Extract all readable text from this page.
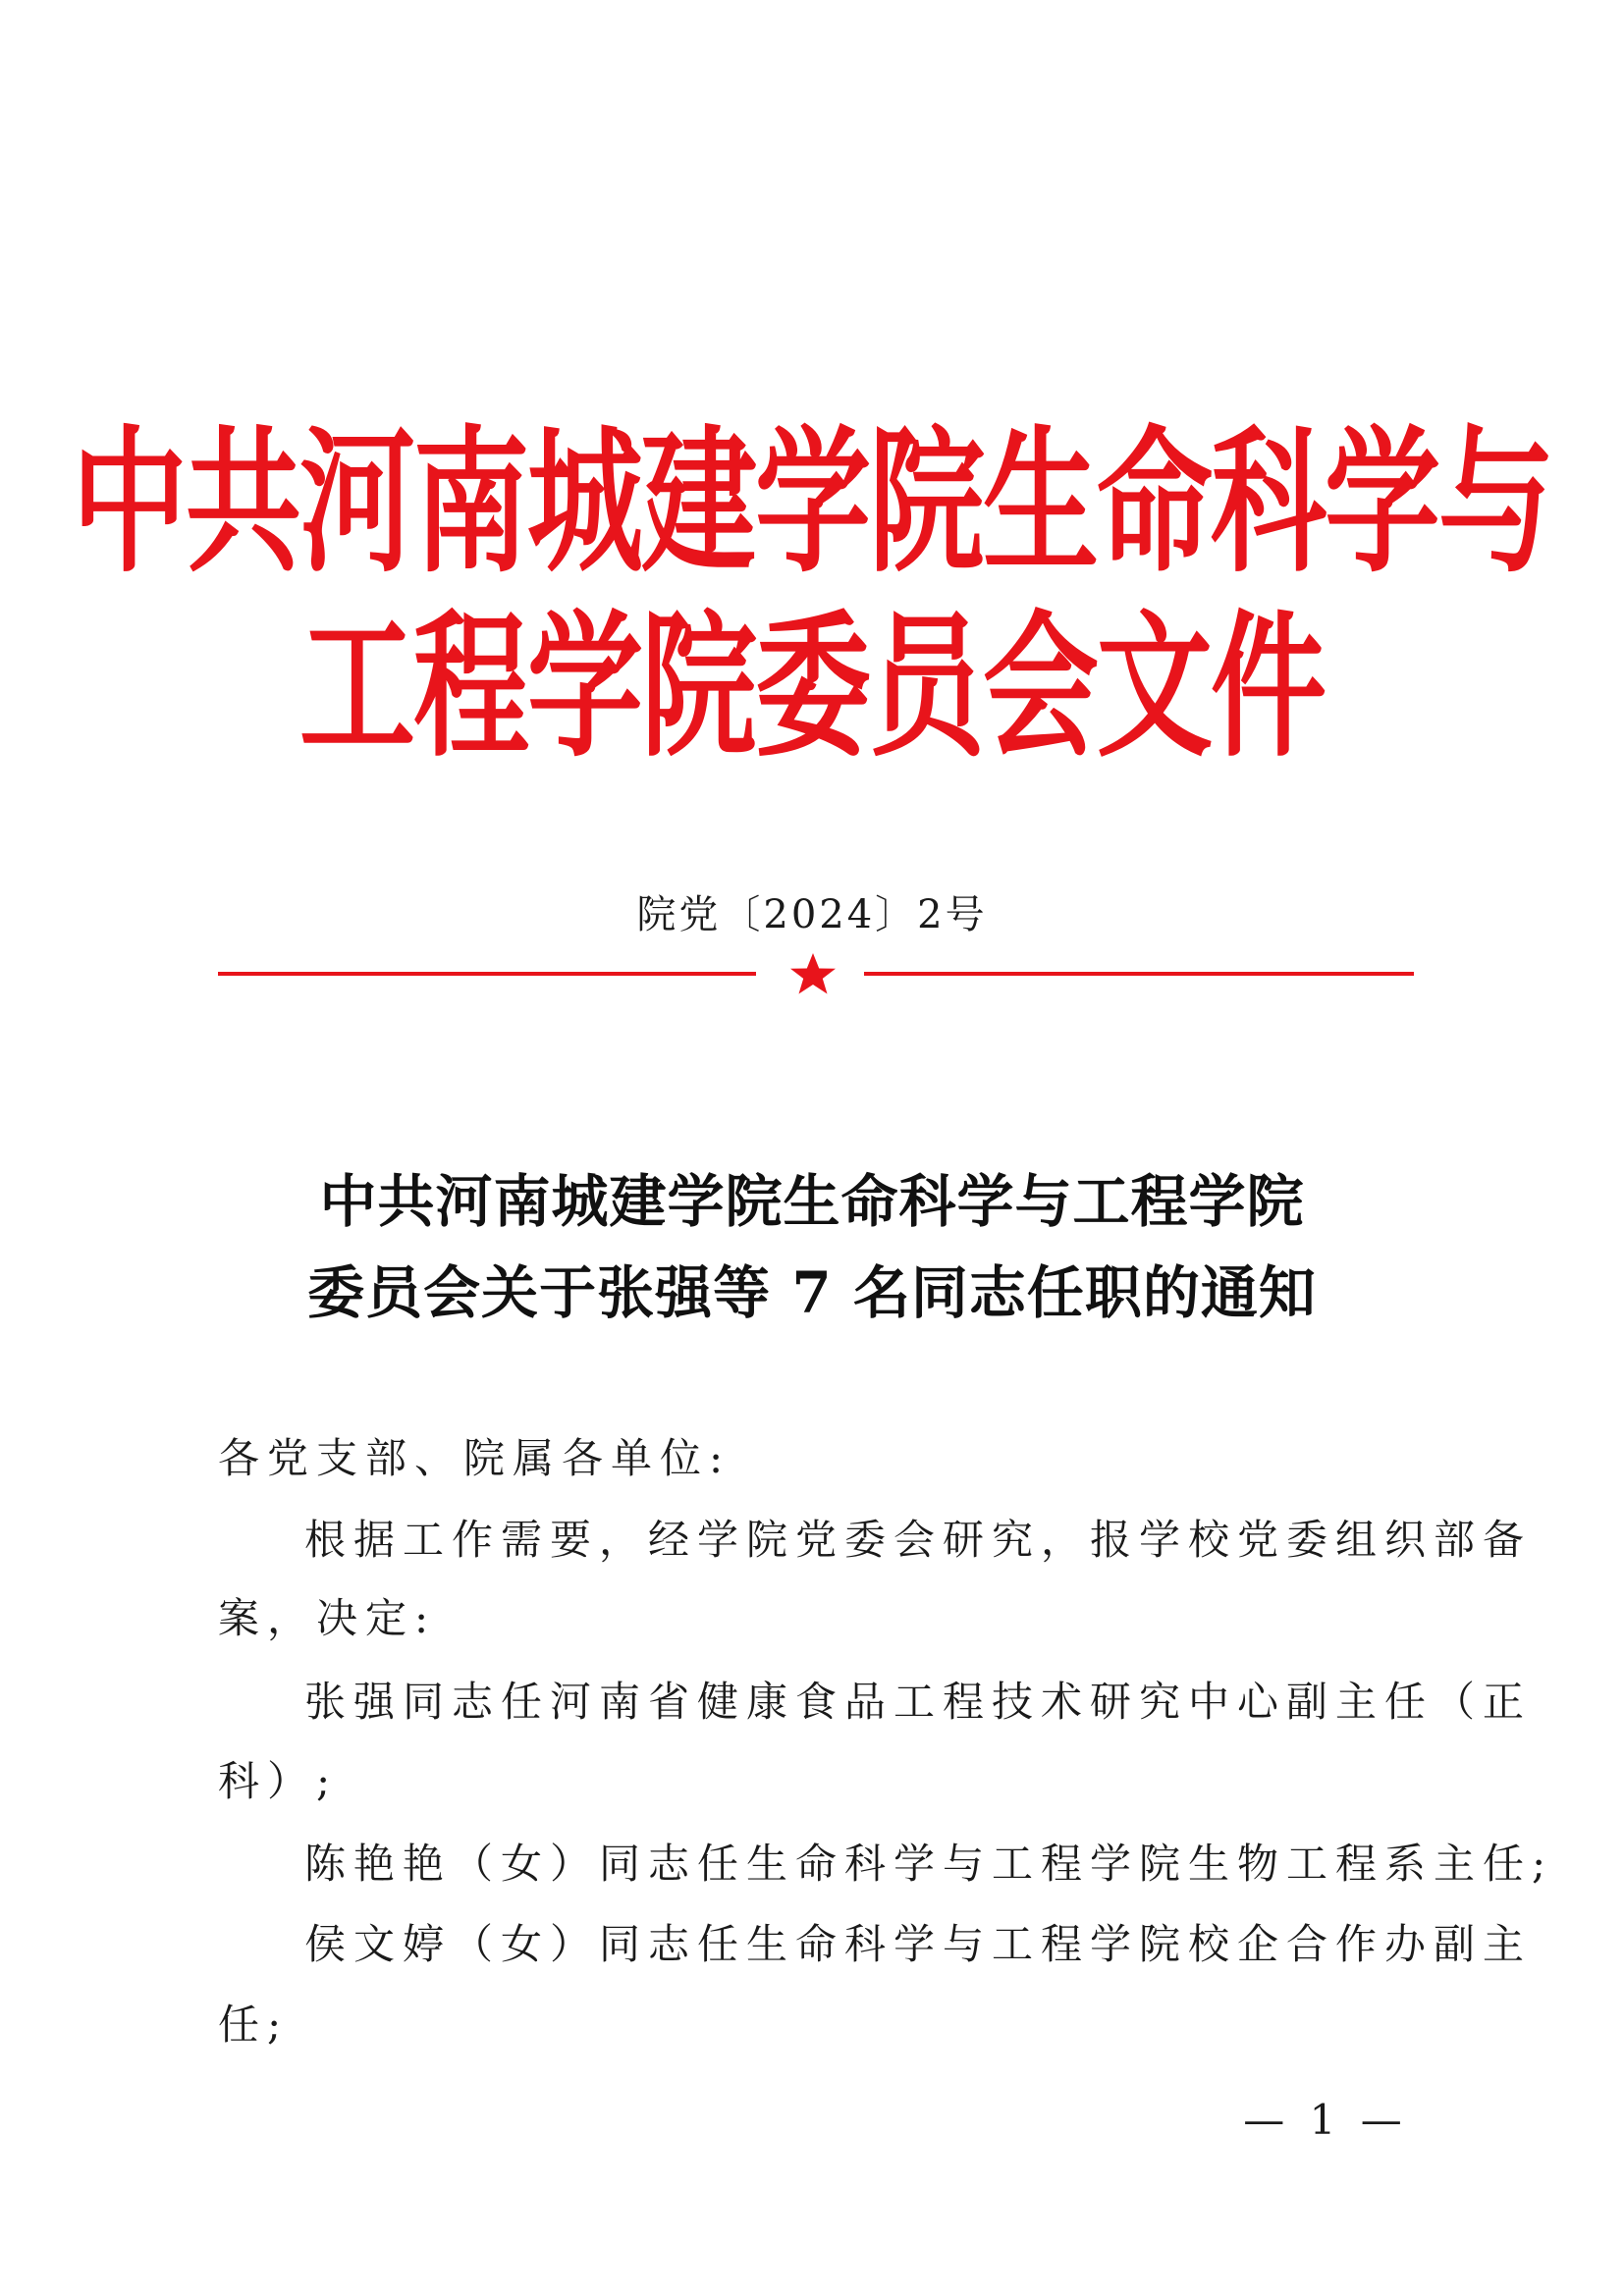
中共河南城建学院生命科学与
工程学院委员会文件
院党〔2024〕2号
中共河南城建学院生命科学与工程学院
委员会关于张强等 7 名同志任职的通知
各党支部、院属各单位:
根据工作需要，经学院党委会研究，报学校党委组织部备
案，决定:
张强同志任河南省健康食品工程技术研究中心副主任（正
科）;
陈艳艳（女）同志任生命科学与工程学院生物工程系主任;
侯文婷（女）同志任生命科学与工程学院校企合作办副主
任;
— 1 —
